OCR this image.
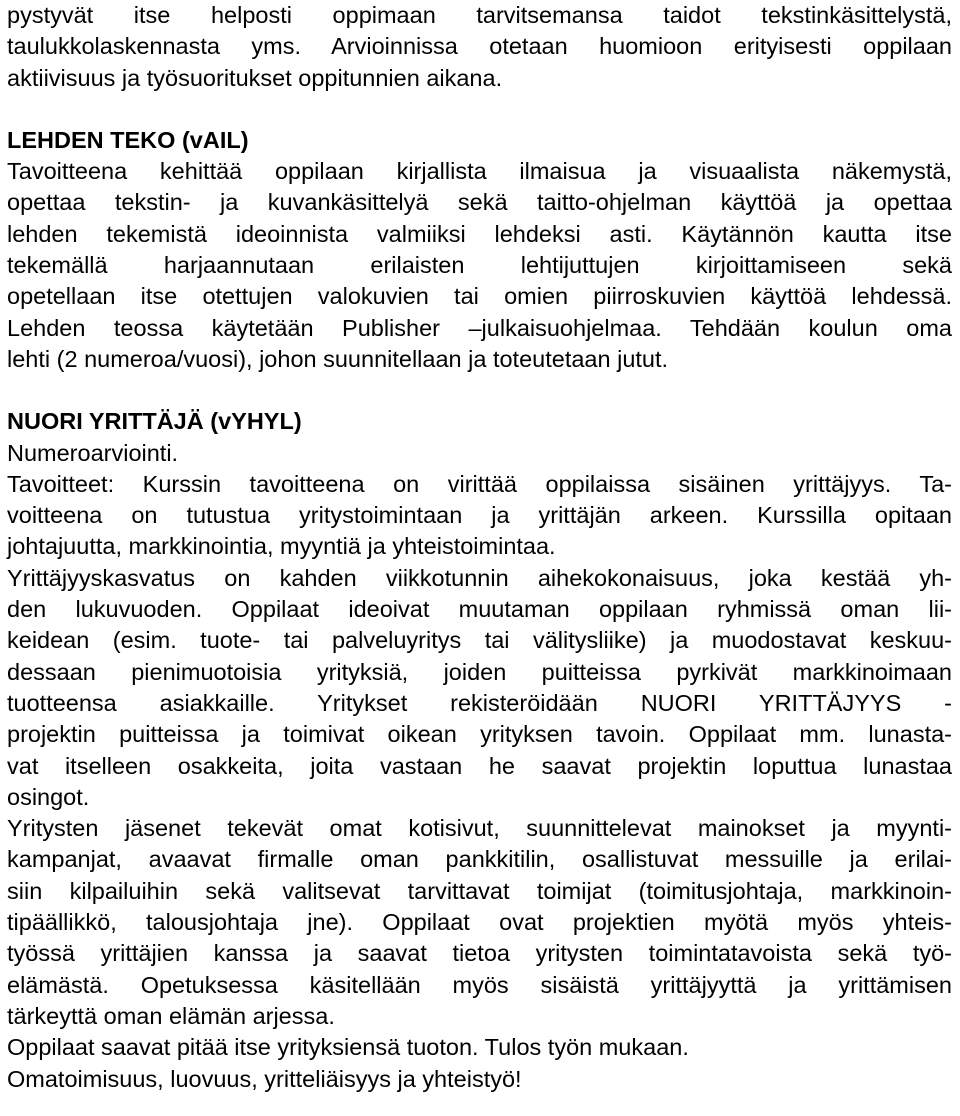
pystyvät itse helposti oppimaan tarvitsemansa taidot tekstinkäsittelystä,
taulukkolaskennasta yms. Arvioinnissa otetaan huomioon erityisesti oppilaan
aktiivisuus ja työsuoritukset oppitunnien aikana.
LEHDEN TEKO (vAIL)
Tavoitteena kehittää oppilaan kirjallista ilmaisua ja visuaalista näkemystä,
opettaa tekstin- ja kuvankäsittelyä sekä taitto-ohjelman käyttöä ja opettaa
lehden tekemistä ideoinnista valmiiksi lehdeksi asti. Käytännön kautta itse
tekemällä harjaannutaan erilaisten lehtijuttujen kirjoittamiseen sekä
opetellaan itse otettujen valokuvien tai omien piirroskuvien käyttöä lehdessä.
Lehden teossa käytetään Publisher –julkaisuohjelmaa. Tehdään koulun oma
lehti (2 numeroa/vuosi), johon suunnitellaan ja toteutetaan jutut.
NUORI YRITTÄJÄ (vYHYL)
Numeroarviointi.
Tavoitteet: Kurssin tavoitteena on virittää oppilaissa sisäinen yrittäjyys. Ta-
voitteena on tutustua yritystoimintaan ja yrittäjän arkeen. Kurssilla opitaan
johtajuutta, markkinointia, myyntiä ja yhteistoimintaa.
Yrittäjyyskasvatus on kahden viikkotunnin aihekokonaisuus, joka kestää yh-
den lukuvuoden. Oppilaat ideoivat muutaman oppilaan ryhmissä oman lii-
keidean (esim. tuote- tai palveluyritys tai välitysliike) ja muodostavat keskuu-
dessaan pienimuotoisia yrityksiä, joiden puitteissa pyrkivät markkinoimaan
tuotteensa asiakkaille. Yritykset rekisteröidään NUORI YRITTÄJYYS -
projektin puitteissa ja toimivat oikean yrityksen tavoin. Oppilaat mm. lunasta-
vat itselleen osakkeita, joita vastaan he saavat projektin loputtua lunastaa
osingot.
Yritysten jäsenet tekevät omat kotisivut, suunnittelevat mainokset ja myynti-
kampanjat, avaavat firmalle oman pankkitilin, osallistuvat messuille ja erilai-
siin kilpailuihin sekä valitsevat tarvittavat toimijat (toimitusjohtaja, markkinoin-
tipäällikkö, talousjohtaja jne). Oppilaat ovat projektien myötä myös yhteis-
työssä yrittäjien kanssa ja saavat tietoa yritysten toimintatavoista sekä työ-
elämästä. Opetuksessa käsitellään myös sisäistä yrittäjyyttä ja yrittämisen
tärkeyttä oman elämän arjessa.
Oppilaat saavat pitää itse yrityksiensä tuoton. Tulos työn mukaan.
Omatoimisuus, luovuus, yritteliäisyys ja yhteistyö!
